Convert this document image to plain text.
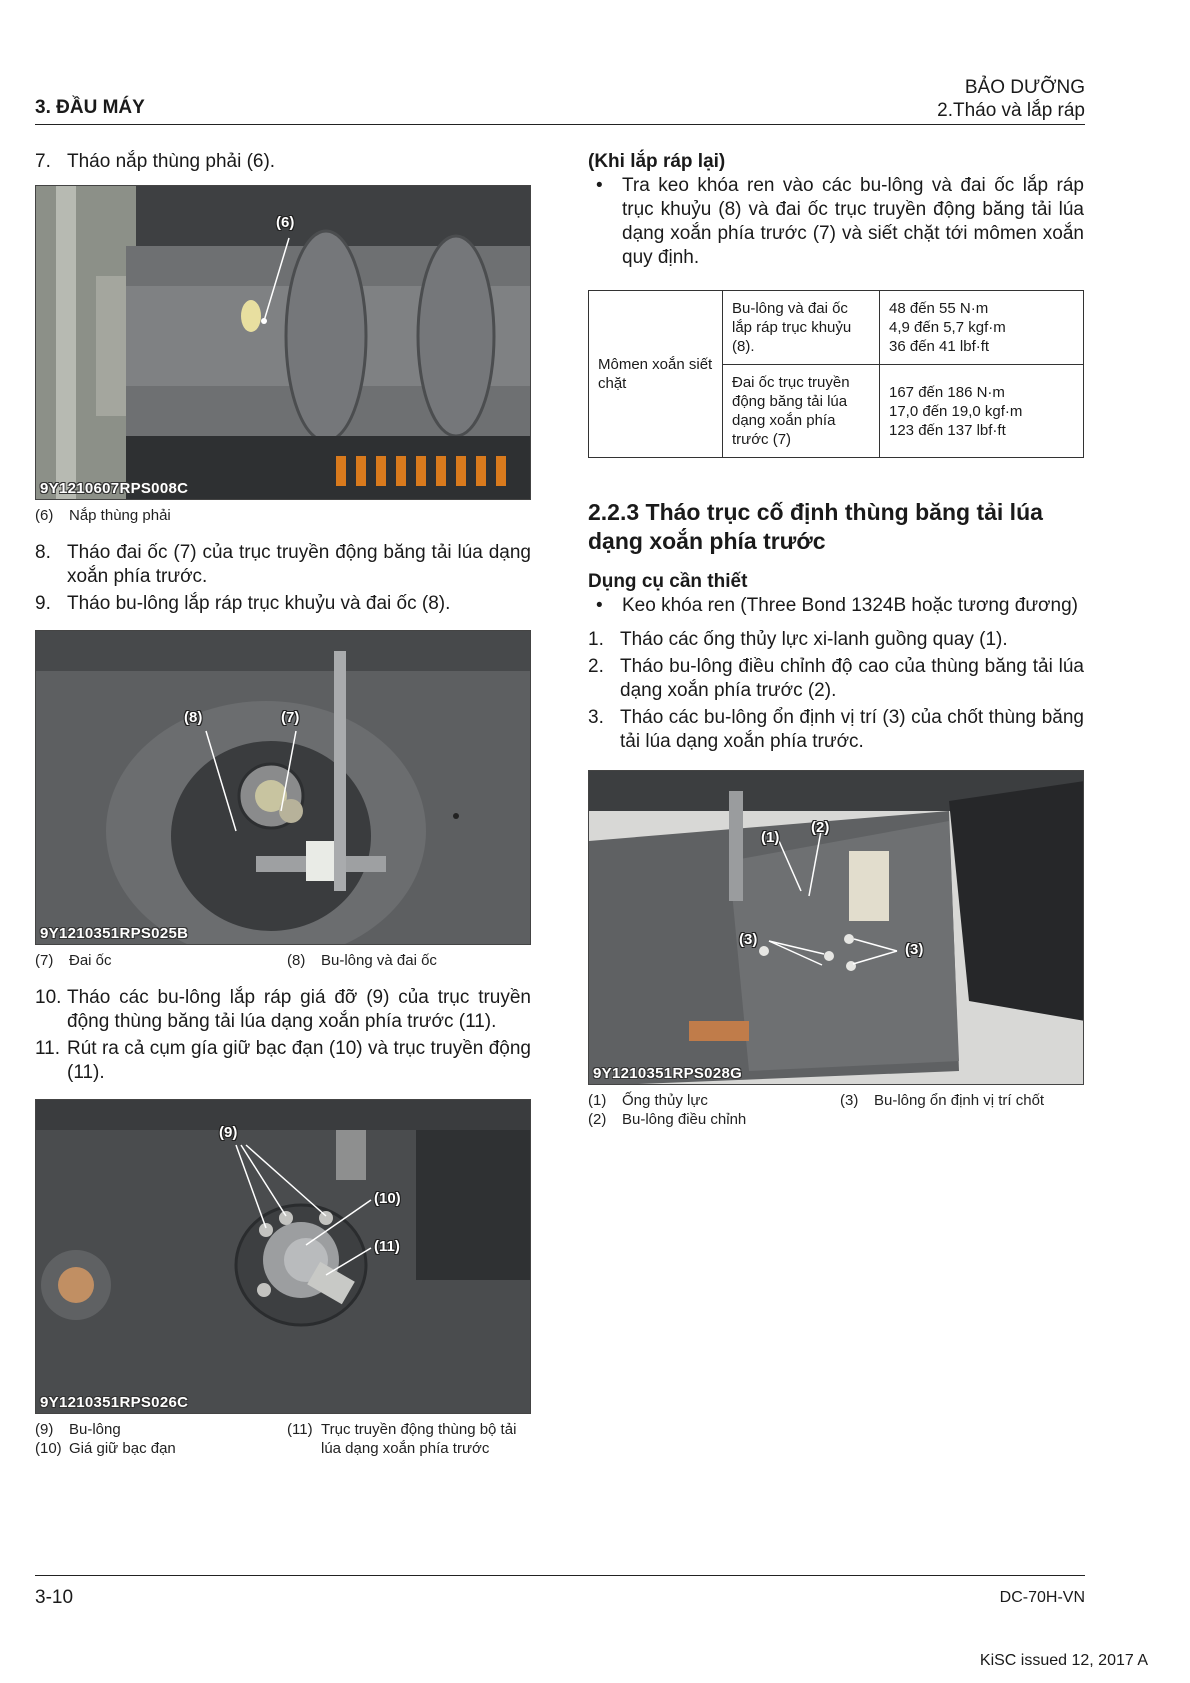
3. ĐẦU MÁY
BẢO DƯỠNG
2.Tháo và lắp ráp
7. Tháo nắp thùng phải (6).
(6)
9Y1210607RPS008C
(6)	Nắp thùng phải
8. Tháo đai ốc (7) của trục truyền động băng tải lúa dạng xoắn phía trước.
9. Tháo bu-lông lắp ráp trục khuỷu và đai ốc (8).
(8)	(7)
9Y1210351RPS025B
(7)	Đai ốc	(8)	Bu-lông và đai ốc
10. Tháo các bu-lông lắp ráp giá đỡ (9) của trục truyền động thùng băng tải lúa dạng xoắn phía trước (11).
11. Rút ra cả cụm gía giữ bạc đạn (10) và trục truyền động (11).
(9)
(10)
(11)
9Y1210351RPS026C
(9)	Bu-lông
(10) Giá giữ bạc đạn
(11) Trục truyền động thùng bộ tải lúa dạng xoắn phía trước
(Khi lắp ráp lại)
• Tra keo khóa ren vào các bu-lông và đai ốc lắp ráp trục khuỷu (8) và đai ốc trục truyền động băng tải lúa dạng xoắn phía trước (7) và siết chặt tới mômen xoắn quy định.
Mômen xoắn siết chặt	Bu-lông và đai ốc lắp ráp trục khuỷu (8).	48 đến 55 N·m
4,9 đến 5,7 kgf·m
36 đến 41 lbf·ft

	Đai ốc trục truyền động băng tải lúa dạng xoắn phía trước (7)	167 đến 186 N·m
17,0 đến 19,0 kgf·m
123 đến 137 lbf·ft
2.2.3 Tháo trục cố định thùng băng tải lúa dạng xoắn phía trước
Dụng cụ cần thiết
• Keo khóa ren (Three Bond 1324B hoặc tương đương)
1. Tháo các ống thủy lực xi-lanh guồng quay (1).
2. Tháo bu-lông điều chỉnh độ cao của thùng băng tải lúa dạng xoắn phía trước (2).
3. Tháo các bu-lông ổn định vị trí (3) của chốt thùng băng tải lúa dạng xoắn phía trước.
(1)
(2)
(3)
(3)
9Y1210351RPS028G
(1)	Ống thủy lực
(2)	Bu-lông điều chỉnh
(3)	Bu-lông ổn định vị trí chốt
3-10	DC-70H-VN
KiSC issued 12, 2017 A
